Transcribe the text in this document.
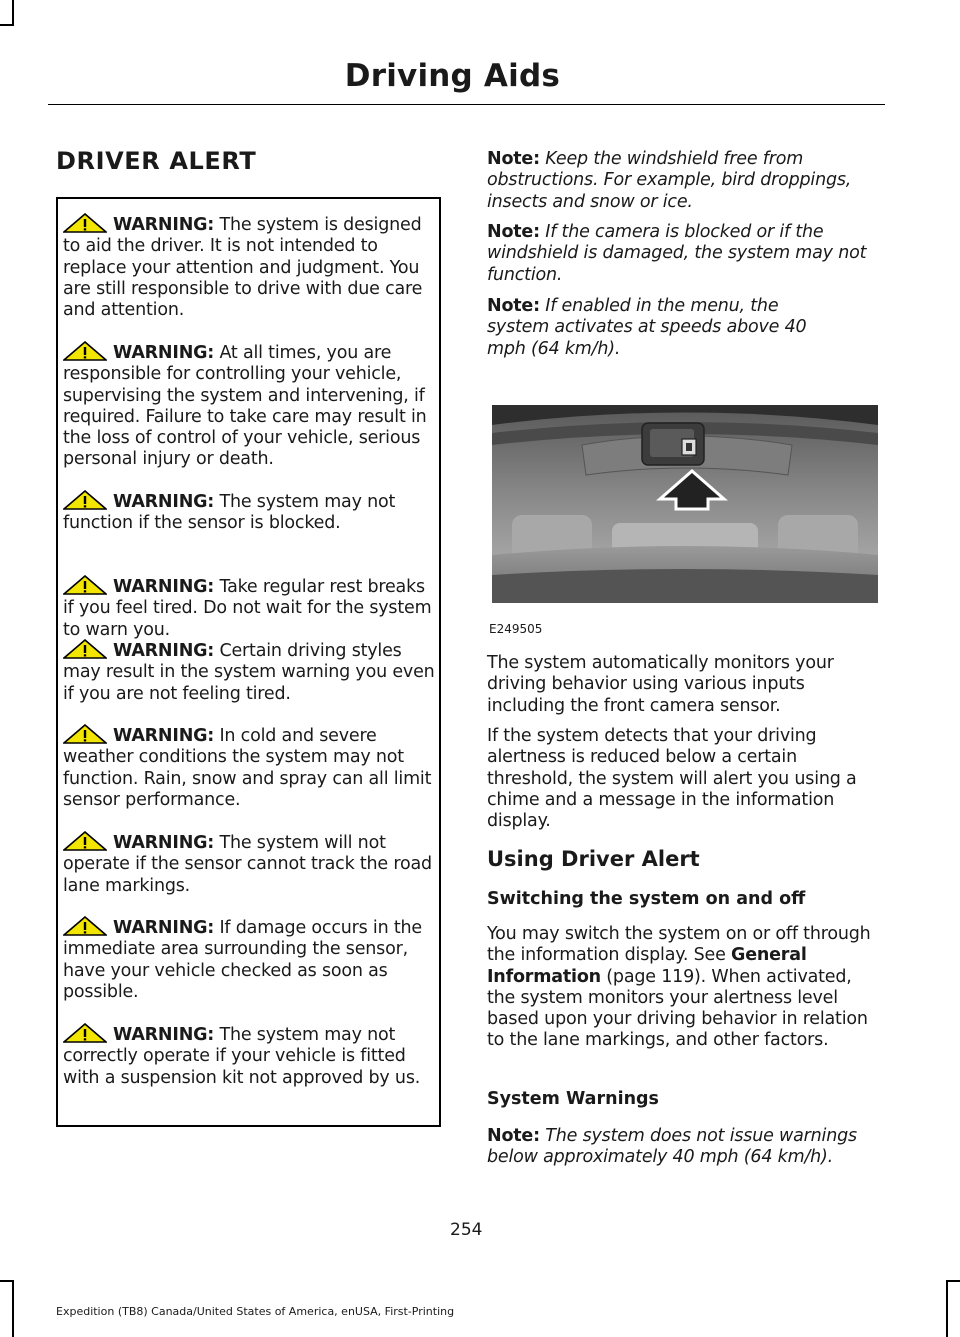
Driving Aids
DRIVER ALERT
WARNING: The system is designed to aid the driver. It is not intended to replace your attention and judgment. You are still responsible to drive with due care and attention.
WARNING: At all times, you are responsible for controlling your vehicle, supervising the system and intervening, if required. Failure to take care may result in the loss of control of your vehicle, serious personal injury or death.
WARNING: The system may not function if the sensor is blocked.
WARNING: Take regular rest breaks if you feel tired. Do not wait for the system to warn you.
WARNING: Certain driving styles may result in the system warning you even if you are not feeling tired.
WARNING: In cold and severe weather conditions the system may not function. Rain, snow and spray can all limit sensor performance.
WARNING: The system will not operate if the sensor cannot track the road lane markings.
WARNING: If damage occurs in the immediate area surrounding the sensor, have your vehicle checked as soon as possible.
WARNING: The system may not correctly operate if your vehicle is fitted with a suspension kit not approved by us.
Note: Keep the windshield free from obstructions. For example, bird droppings, insects and snow or ice.
Note: If the camera is blocked or if the windshield is damaged, the system may not function.
Note: If enabled in the menu, the system activates at speeds above 40 mph (64 km/h).
E249505
The system automatically monitors your driving behavior using various inputs including the front camera sensor.
If the system detects that your driving alertness is reduced below a certain threshold, the system will alert you using a chime and a message in the information display.
Using Driver Alert
Switching the system on and off
You may switch the system on or off through the information display. See General Information (page 119). When activated, the system monitors your alertness level based upon your driving behavior in relation to the lane markings, and other factors.
System Warnings
Note: The system does not issue warnings below approximately 40 mph (64 km/h).
254
Expedition (TB8) Canada/United States of America, enUSA, First-Printing
